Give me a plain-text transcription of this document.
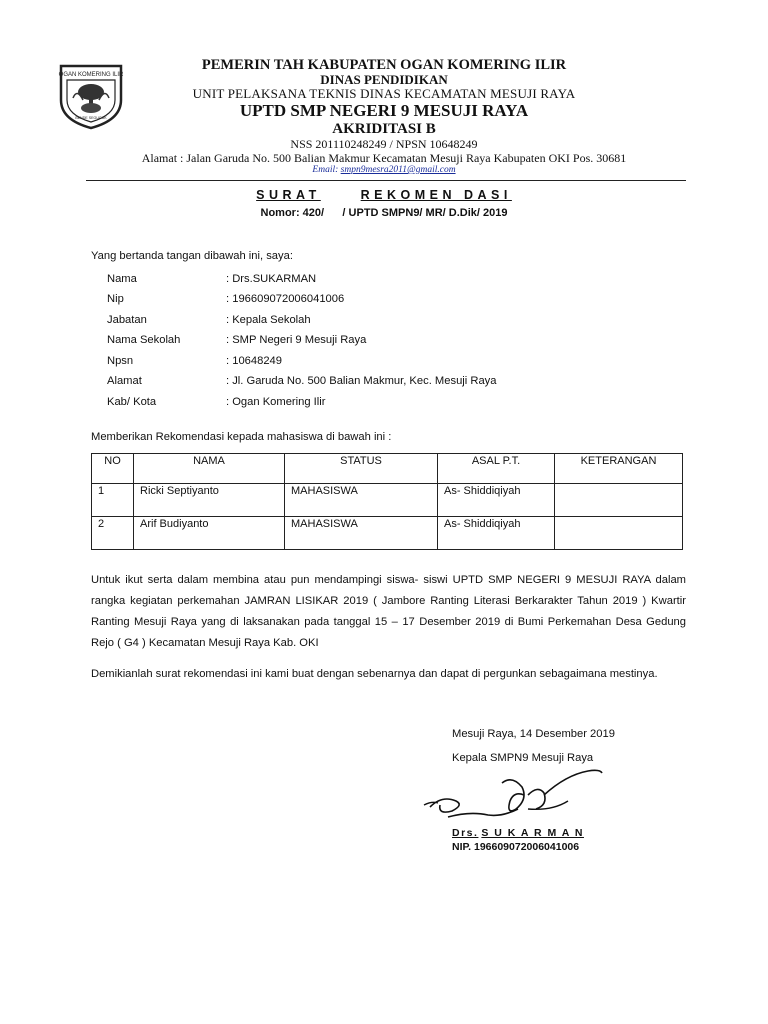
OGAN KOMERING ILIR
BENDE SEGUGUK
PEMERIN TAH KABUPATEN OGAN KOMERING ILIR
DINAS PENDIDIKAN
UNIT PELAKSANA TEKNIS DINAS KECAMATAN MESUJI RAYA
UPTD SMP NEGERI 9 MESUJI RAYA
AKRIDITASI B
NSS 201110248249 / NPSN 10648249
Alamat : Jalan Garuda No. 500 Balian Makmur Kecamatan Mesuji Raya Kabupaten OKI Pos. 30681
Email: smpn9mesra2011@gmail.com
SURAT	REKOMEN DASI
Nomor: 420/      / UPTD SMPN9/ MR/ D.Dik/ 2019
Yang bertanda tangan dibawah ini, saya:
Nama	: Drs.SUKARMAN
Nip	: 196609072006041006
Jabatan	: Kepala Sekolah
Nama Sekolah	: SMP Negeri 9 Mesuji Raya
Npsn	: 10648249
Alamat	: Jl. Garuda No. 500 Balian Makmur, Kec. Mesuji Raya
Kab/ Kota	: Ogan Komering Ilir
Memberikan Rekomendasi kepada mahasiswa di bawah ini :
NO	NAMA	STATUS	ASAL P.T.	KETERANGAN
1	Ricki Septiyanto	MAHASISWA	As- Shiddiqiyah	
2	Arif Budiyanto	MAHASISWA	As- Shiddiqiyah	
Untuk ikut serta dalam membina atau pun mendampingi siswa- siswi UPTD SMP NEGERI 9 MESUJI RAYA dalam rangka kegiatan perkemahan JAMRAN LISIKAR 2019 ( Jambore Ranting Literasi Berkarakter Tahun 2019 ) Kwartir Ranting Mesuji Raya yang di laksanakan pada tanggal 15 – 17 Desember 2019 di Bumi Perkemahan Desa Gedung Rejo ( G4 ) Kecamatan Mesuji Raya Kab. OKI
Demikianlah surat rekomendasi ini kami buat dengan sebenarnya dan dapat di pergunkan sebagaimana mestinya.
Mesuji Raya, 14 Desember 2019
Kepala SMPN9 Mesuji Raya
Drs. S U K A R M A N
NIP. 196609072006041006
